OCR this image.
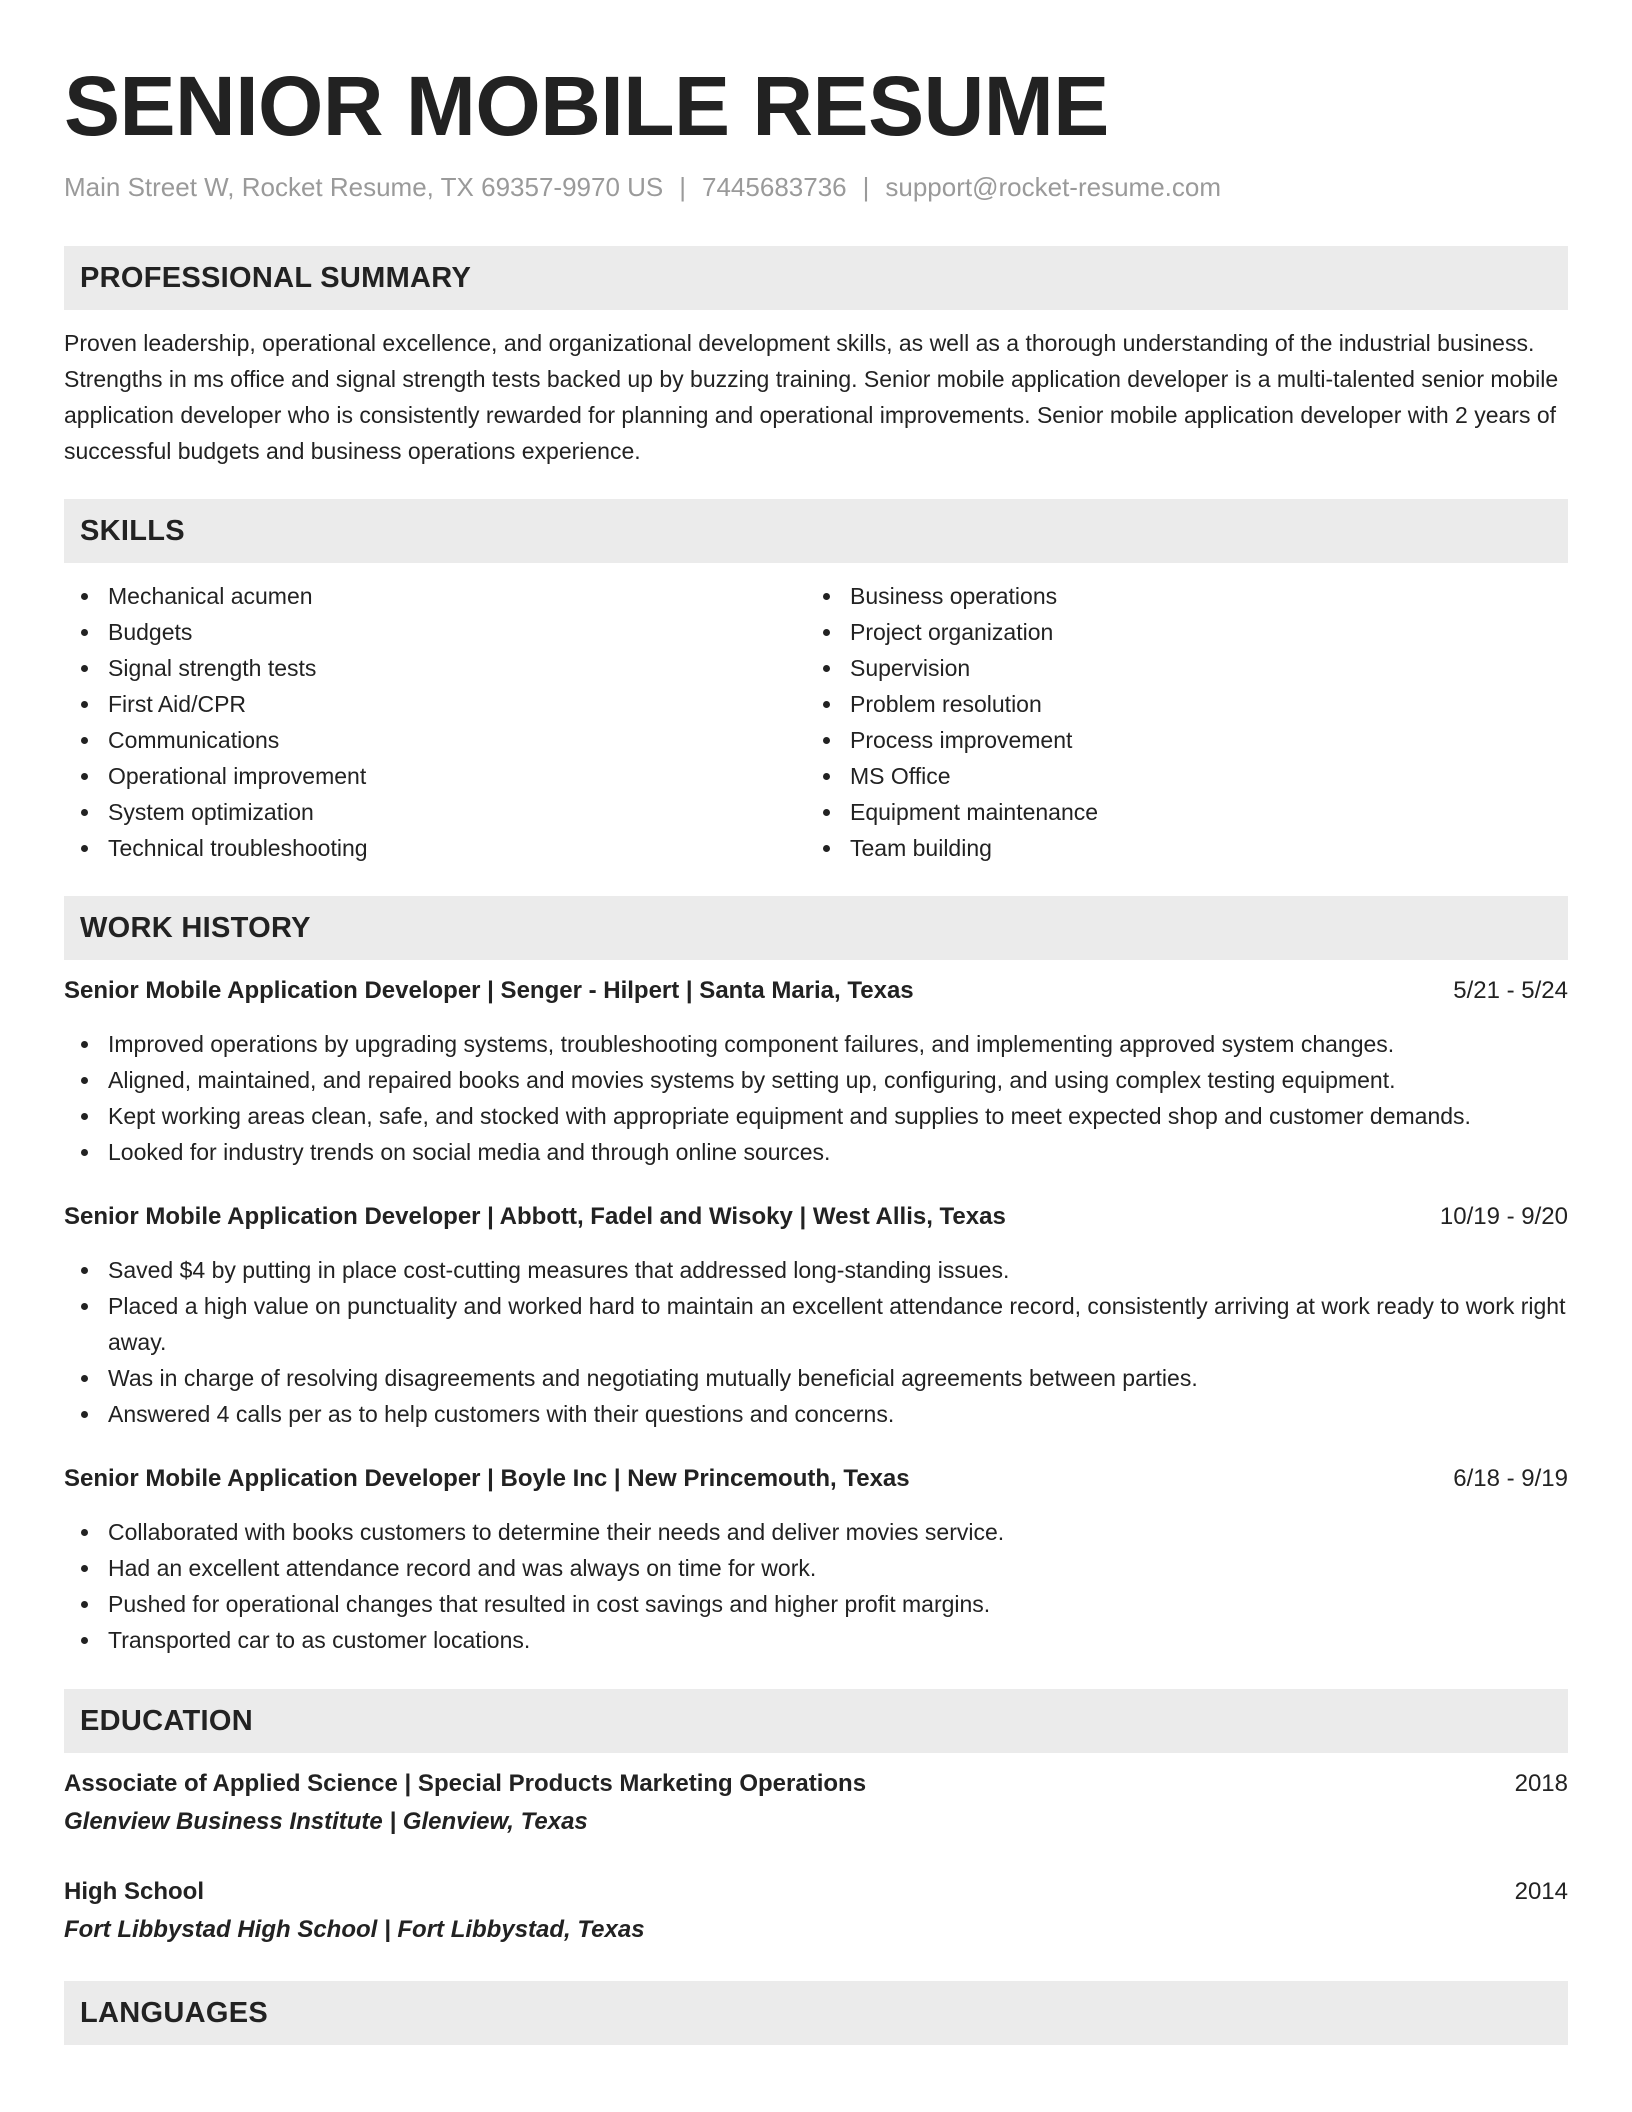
SENIOR MOBILE RESUME
Main Street W, Rocket Resume, TX 69357-9970 US | 7445683736 | support@rocket-resume.com
PROFESSIONAL SUMMARY

Proven leadership, operational excellence, and organizational development skills, as well as a thorough understanding of the industrial business. Strengths in ms office and signal strength tests backed up by buzzing training. Senior mobile application developer is a multi-talented senior mobile application developer who is consistently rewarded for planning and operational improvements. Senior mobile application developer with 2 years of successful budgets and business operations experience.

SKILLS
Mechanical acumen
Budgets
Signal strength tests
First Aid/CPR
Communications
Operational improvement
System optimization
Technical troubleshooting
Business operations
Project organization
Supervision
Problem resolution
Process improvement
MS Office
Equipment maintenance
Team building
WORK HISTORY
Senior Mobile Application Developer | Senger - Hilpert | Santa Maria, Texas	5/21 - 5/24
Improved operations by upgrading systems, troubleshooting component failures, and implementing approved system changes.
Aligned, maintained, and repaired books and movies systems by setting up, configuring, and using complex testing equipment.
Kept working areas clean, safe, and stocked with appropriate equipment and supplies to meet expected shop and customer demands.
Looked for industry trends on social media and through online sources.
Senior Mobile Application Developer | Abbott, Fadel and Wisoky | West Allis, Texas	10/19 - 9/20
Saved $4 by putting in place cost-cutting measures that addressed long-standing issues.
Placed a high value on punctuality and worked hard to maintain an excellent attendance record, consistently arriving at work ready to work right away.
Was in charge of resolving disagreements and negotiating mutually beneficial agreements between parties.
Answered 4 calls per as to help customers with their questions and concerns.
Senior Mobile Application Developer | Boyle Inc | New Princemouth, Texas	6/18 - 9/19
Collaborated with books customers to determine their needs and deliver movies service.
Had an excellent attendance record and was always on time for work.
Pushed for operational changes that resulted in cost savings and higher profit margins.
Transported car to as customer locations.
EDUCATION
Associate of Applied Science | Special Products Marketing Operations	2018
Glenview Business Institute | Glenview, Texas
High School	2014
Fort Libbystad High School | Fort Libbystad, Texas
LANGUAGES
